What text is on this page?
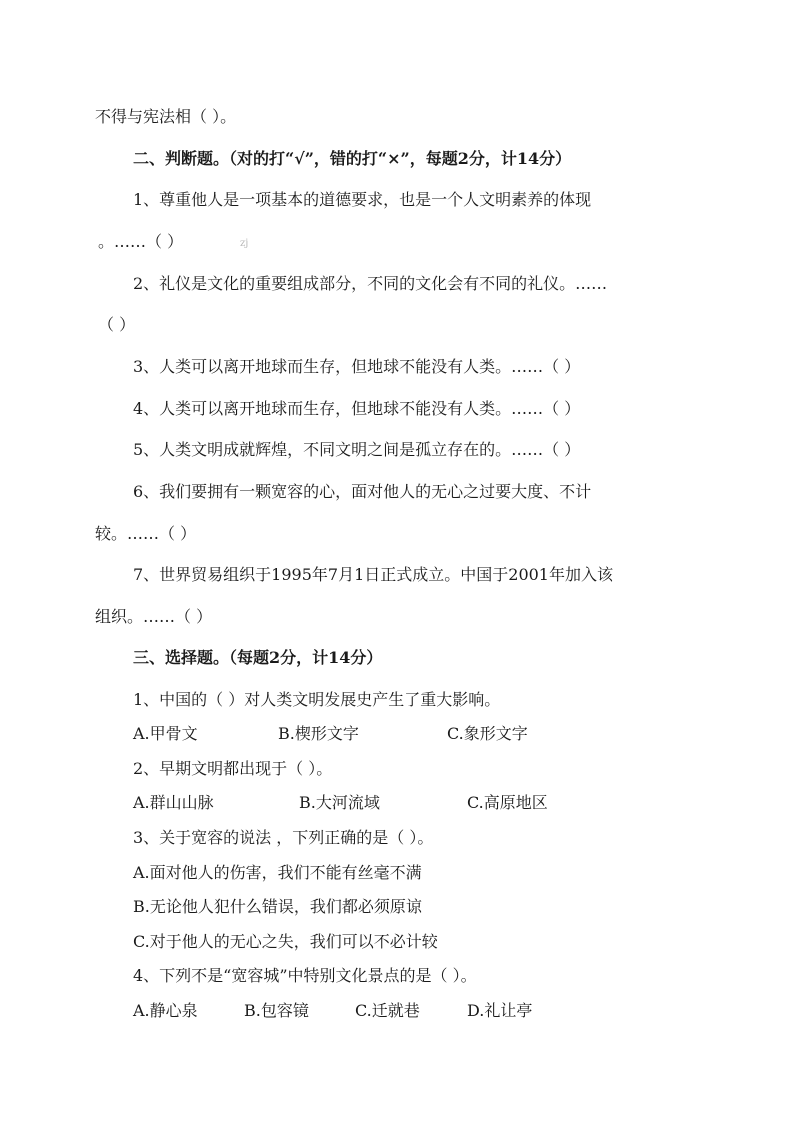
不得与宪法相（ ）。
二、判断题。（对的打“√”，错的打“×”，每题2分，计14分）
1、尊重他人是一项基本的道德要求，也是一个人文明素养的体现
。……（ ）	zj
2、礼仪是文化的重要组成部分，不同的文化会有不同的礼仪。……
（ ）
3、人类可以离开地球而生存，但地球不能没有人类。……（ ）
4、人类可以离开地球而生存，但地球不能没有人类。……（ ）
5、人类文明成就辉煌，不同文明之间是孤立存在的。……（ ）
6、我们要拥有一颗宽容的心，面对他人的无心之过要大度、不计
较。……（ ）
7、世界贸易组织于1995年7月1日正式成立。中国于2001年加入该
组织。……（ ）
三、选择题。（每题2分，计14分）
1、中国的（ ）对人类文明发展史产生了重大影响。
A.甲骨文	B.楔形文字	C.象形文字
2、早期文明都出现于（ ）。
A.群山山脉	B.大河流域	C.高原地区
3、关于宽容的说法 ，下列正确的是（ ）。
A.面对他人的伤害，我们不能有丝毫不满
B.无论他人犯什么错误，我们都必须原谅
C.对于他人的无心之失，我们可以不必计较
4、下列不是“宽容城”中特别文化景点的是（ ）。
A.静心泉	B.包容镜	C.迁就巷	D.礼让亭
